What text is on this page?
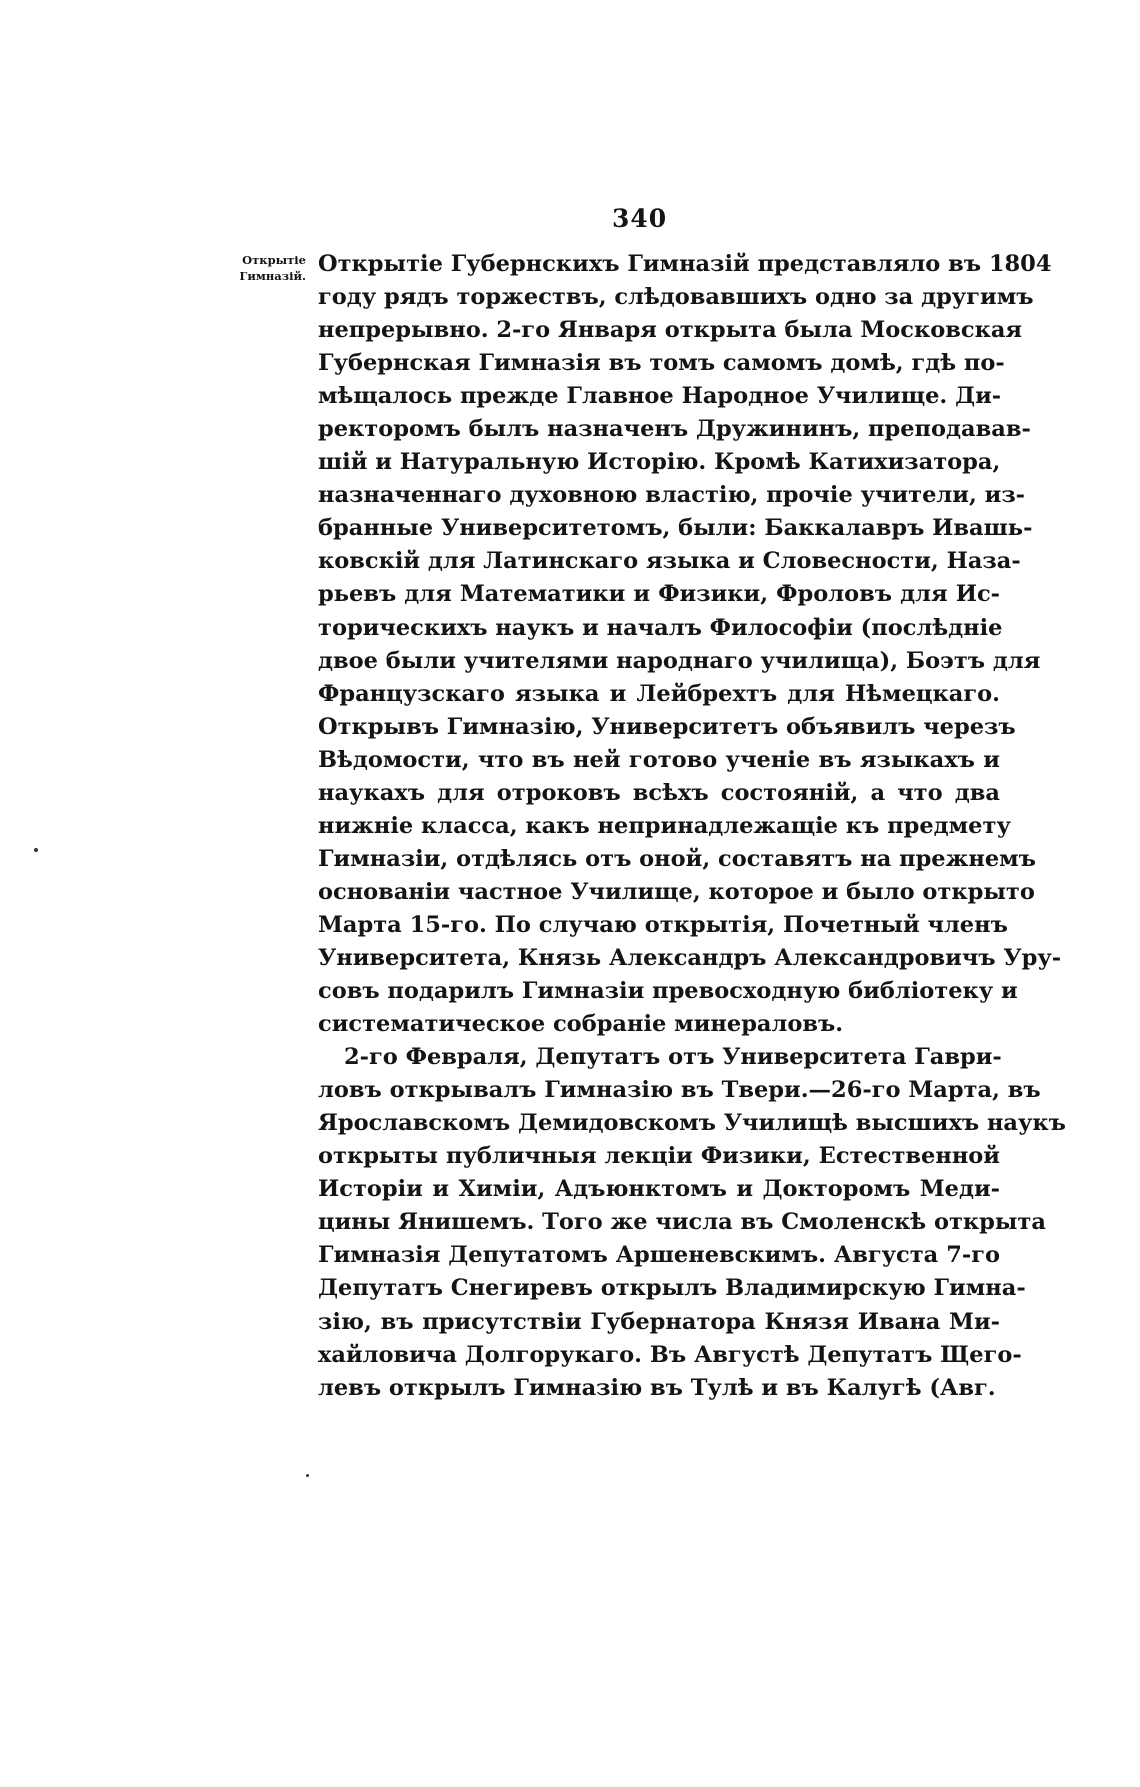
340
Открытіе
Гимназій. Открытіе Губернскихъ Гимназій представляло въ 1804
году рядъ торжествъ, слѣдовавшихъ одно за другимъ
непрерывно. 2-го Января открыта была Московская
Губернская Гимназія въ томъ самомъ домѣ, гдѣ по-
мѣщалось прежде Главное Народное Училище. Ди-
ректоромъ былъ назначенъ Дружининъ, преподавав-
шій и Натуральную Исторію. Кромѣ Катихизатора,
назначеннаго духовною властію, прочіе учители, из-
бранные Университетомъ, были: Баккалавръ Ивашь-
ковскій для Латинскаго языка и Словесности, Наза-
рьевъ для Математики и Физики, Фроловъ для Ис-
торическихъ наукъ и началъ Философіи (послѣдніе
двое были учителями народнаго училища), Боэтъ для
Французскаго языка и Лейбрехтъ для Нѣмецкаго.
Открывъ Гимназію, Университетъ объявилъ черезъ
Вѣдомости, что въ ней готово ученіе въ языкахъ и
наукахъ для отроковъ всѣхъ состояній, а что два
нижніе класса, какъ непринадлежащіе къ предмету
Гимназіи, отдѣлясь отъ оной, составятъ на прежнемъ
основаніи частное Училище, которое и было открыто
Марта 15-го. По случаю открытія, Почетный членъ
Университета, Князь Александръ Александровичъ Уру-
совъ подарилъ Гимназіи превосходную библіотеку и
систематическое собраніе минераловъ.
2-го Февраля, Депутатъ отъ Университета Гаври-
ловъ открывалъ Гимназію въ Твери.—26-го Марта, въ
Ярославскомъ Демидовскомъ Училищѣ высшихъ наукъ
открыты публичныя лекціи Физики, Естественной
Исторіи и Химіи, Адъюнктомъ и Докторомъ Меди-
цины Янишемъ. Того же числа въ Смоленскѣ открыта
Гимназія Депутатомъ Аршеневскимъ. Августа 7-го
Депутатъ Снегиревъ открылъ Владимирскую Гимна-
зію, въ присутствіи Губернатора Князя Ивана Ми-
хайловича Долгорукаго. Въ Августѣ Депутатъ Щего-
левъ открылъ Гимназію въ Тулѣ и въ Калугѣ (Авг.
